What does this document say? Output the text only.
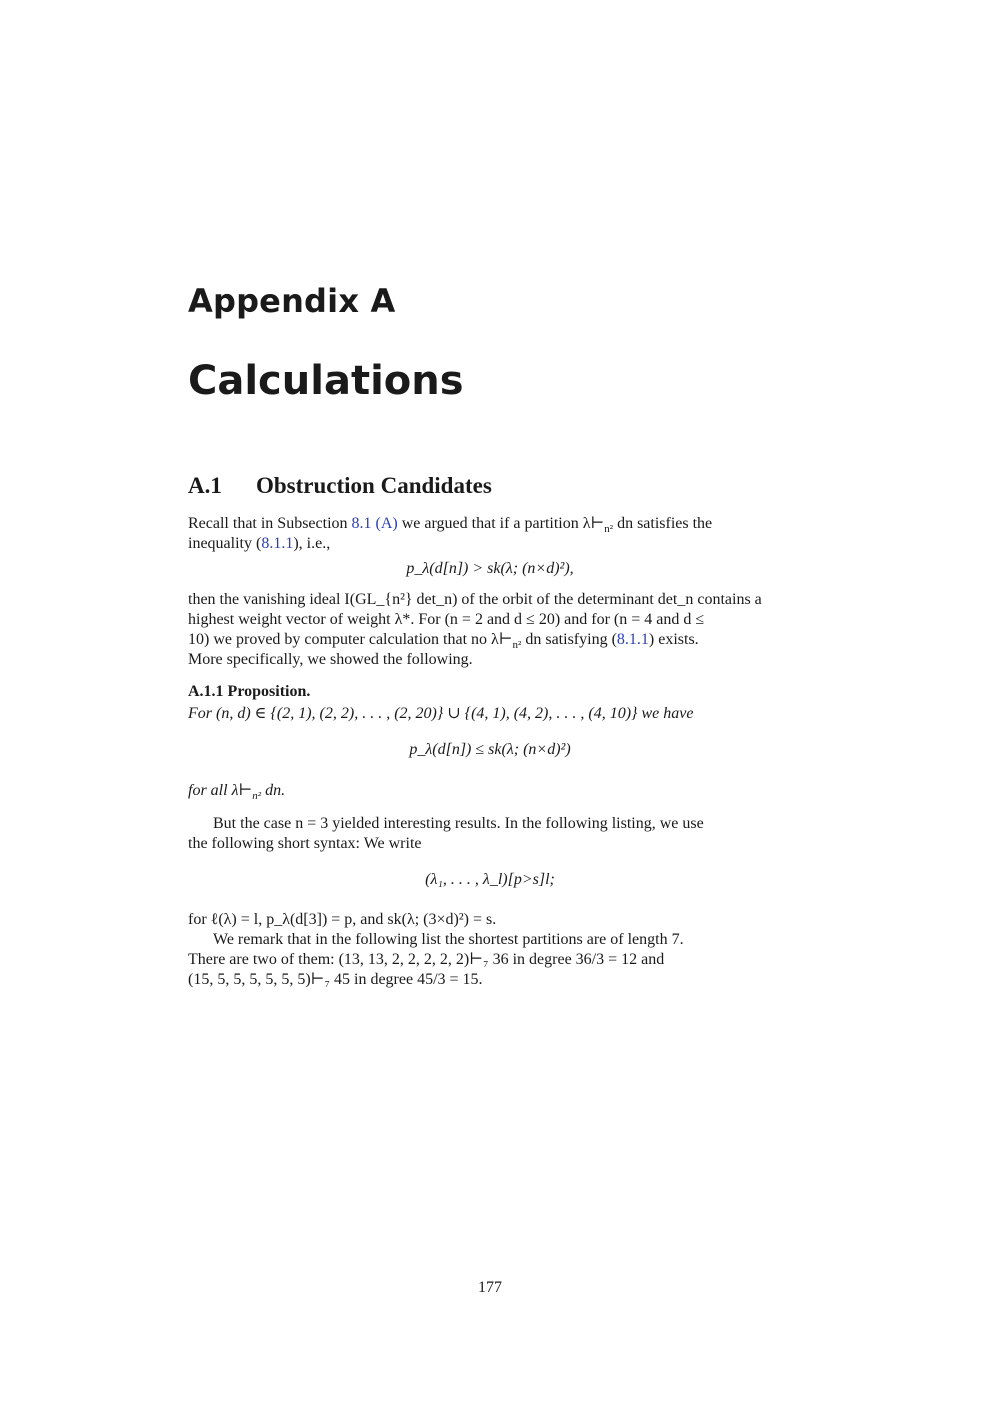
Appendix A
Calculations
A.1 Obstruction Candidates
Recall that in Subsection 8.1 (A) we argued that if a partition $\lambda⊢_{n^2}$ dn satisfies the
inequality (8.1.1), i.e.,
p_λ(d[n]) > sk(λ; (n×d)²),
then the vanishing ideal I(GL_{n²} det_n) of the orbit of the determinant det_n contains a
highest weight vector of weight λ*. For (n = 2 and d ≤ 20) and for (n = 4 and d ≤
10) we proved by computer calculation that no $\lambda⊢_{n^2}$ dn satisfying (8.1.1) exists.
More specifically, we showed the following.
A.1.1 Proposition.
For (n, d) ∈ {(2, 1), (2, 2), . . . , (2, 20)} ∪ {(4, 1), (4, 2), . . . , (4, 10)} we have
p_λ(d[n]) ≤ sk(λ; (n×d)²)
for all $\lambda⊢_{n^2}$ dn.
But the case n = 3 yielded interesting results. In the following listing, we use
the following short syntax: We write
(λ₁, . . . , λ_l)[p>s]l;
for ℓ(λ) = l, p_λ(d[3]) = p, and sk(λ; (3×d)²) = s.
We remark that in the following list the shortest partitions are of length 7.
There are two of them: (13, 13, 2, 2, 2, 2, 2)⊢₇ 36 in degree 36/3 = 12 and
(15, 5, 5, 5, 5, 5, 5)⊢₇ 45 in degree 45/3 = 15.
177
